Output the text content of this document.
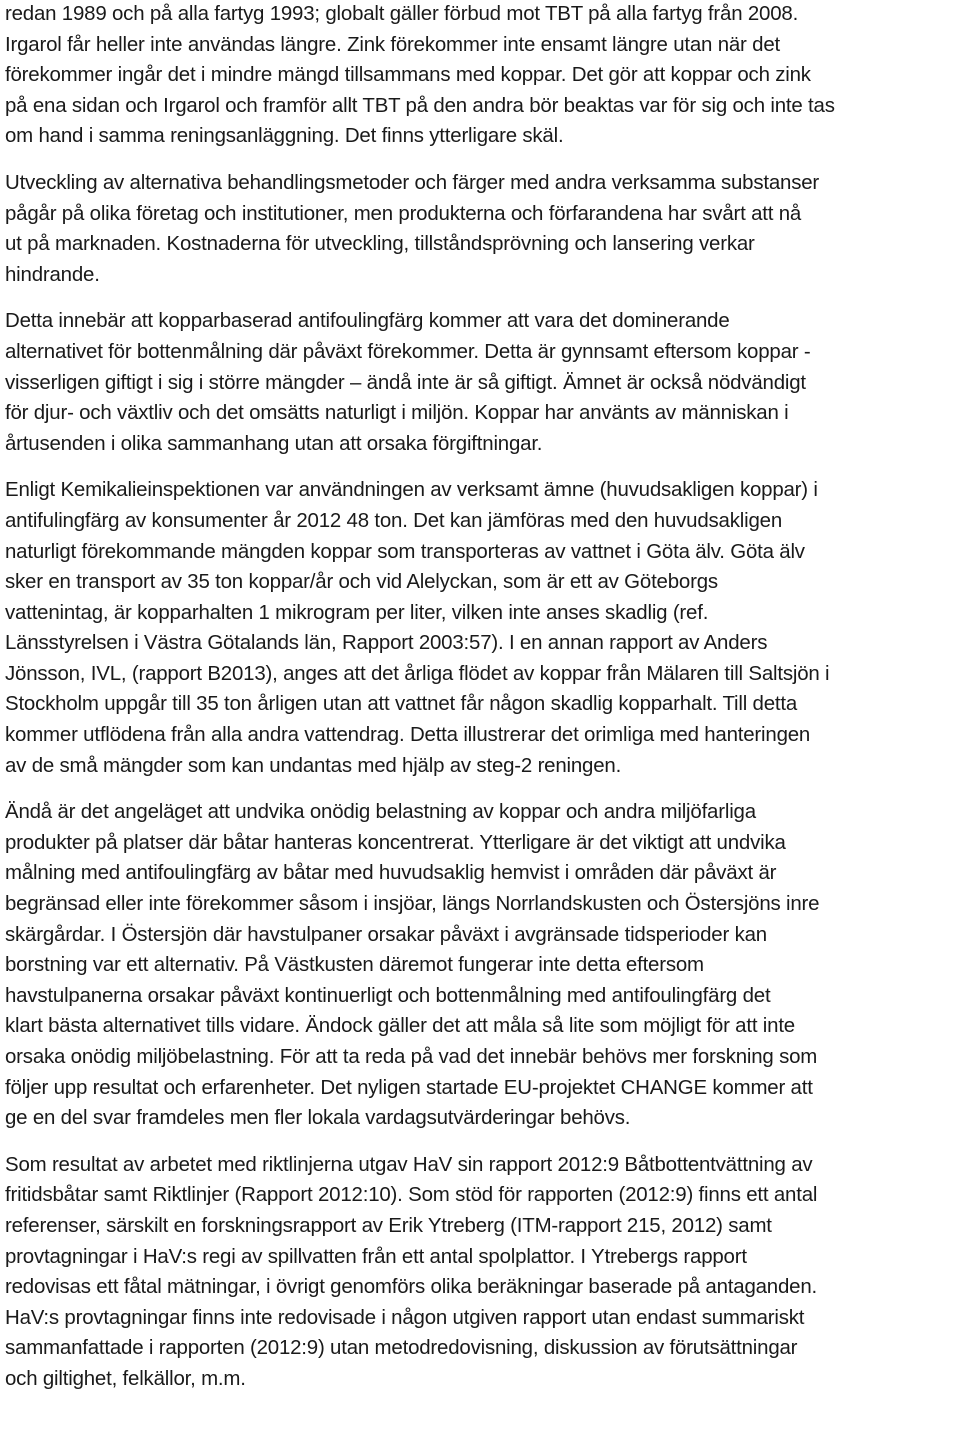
redan 1989 och på alla fartyg 1993; globalt gäller förbud mot TBT på alla fartyg från 2008.
Irgarol får heller inte användas längre. Zink förekommer inte ensamt längre utan när det
förekommer ingår det i mindre mängd tillsammans med koppar. Det gör att koppar och zink
på ena sidan och Irgarol och framför allt TBT på den andra bör beaktas var för sig och inte tas
om hand i samma reningsanläggning. Det finns ytterligare skäl.
Utveckling av alternativa behandlingsmetoder och färger med andra verksamma substanser
pågår på olika företag och institutioner, men produkterna och förfarandena har svårt att nå
ut på marknaden. Kostnaderna för utveckling, tillståndsprövning och lansering verkar
hindrande.
Detta innebär att kopparbaserad antifoulingfärg kommer att vara det dominerande
alternativet för bottenmålning där påväxt förekommer. Detta är gynnsamt eftersom koppar -
visserligen giftigt i sig i större mängder – ändå inte är så giftigt. Ämnet är också nödvändigt
för djur- och växtliv och det omsätts naturligt i miljön. Koppar har använts av människan i
årtusenden i olika sammanhang utan att orsaka förgiftningar.
Enligt Kemikalieinspektionen var användningen av verksamt ämne (huvudsakligen koppar) i
antifulingfärg av konsumenter år 2012 48 ton. Det kan jämföras med den huvudsakligen
naturligt förekommande mängden koppar som transporteras av vattnet i Göta älv. Göta älv
sker en transport av 35 ton koppar/år och vid Alelyckan, som är ett av Göteborgs
vattenintag, är kopparhalten 1 mikrogram per liter, vilken inte anses skadlig (ref.
Länsstyrelsen i Västra Götalands län, Rapport 2003:57). I en annan rapport av Anders
Jönsson, IVL, (rapport B2013), anges att det årliga flödet av koppar från Mälaren till Saltsjön i
Stockholm uppgår till 35 ton årligen utan att vattnet får någon skadlig kopparhalt. Till detta
kommer utflödena från alla andra vattendrag. Detta illustrerar det orimliga med hanteringen
av de små mängder som kan undantas med hjälp av steg-2 reningen.
Ändå är det angeläget att undvika onödig belastning av koppar och andra miljöfarliga
produkter på platser där båtar hanteras koncentrerat. Ytterligare är det viktigt att undvika
målning med antifoulingfärg av båtar med huvudsaklig hemvist i områden där påväxt är
begränsad eller inte förekommer såsom i insjöar, längs Norrlandskusten och Östersjöns inre
skärgårdar. I Östersjön där havstulpaner orsakar påväxt i avgränsade tidsperioder kan
borstning var ett alternativ. På Västkusten däremot fungerar inte detta eftersom
havstulpanerna orsakar påväxt kontinuerligt och bottenmålning med antifoulingfärg det
klart bästa alternativet tills vidare. Ändock gäller det att måla så lite som möjligt för att inte
orsaka onödig miljöbelastning. För att ta reda på vad det innebär behövs mer forskning som
följer upp resultat och erfarenheter. Det nyligen startade EU-projektet CHANGE kommer att
ge en del svar framdeles men fler lokala vardagsutvärderingar behövs.
Som resultat av arbetet med riktlinjerna utgav HaV sin rapport 2012:9 Båtbottentvättning av
fritidsbåtar samt Riktlinjer (Rapport 2012:10). Som stöd för rapporten (2012:9) finns ett antal
referenser, särskilt en forskningsrapport av Erik Ytreberg (ITM-rapport 215, 2012) samt
provtagningar i HaV:s regi av spillvatten från ett antal spolplattor. I Ytrebergs rapport
redovisas ett fåtal mätningar, i övrigt genomförs olika beräkningar baserade på antaganden.
HaV:s provtagningar finns inte redovisade i någon utgiven rapport utan endast summariskt
sammanfattade i rapporten (2012:9) utan metodredovisning, diskussion av förutsättningar
och giltighet, felkällor, m.m.
